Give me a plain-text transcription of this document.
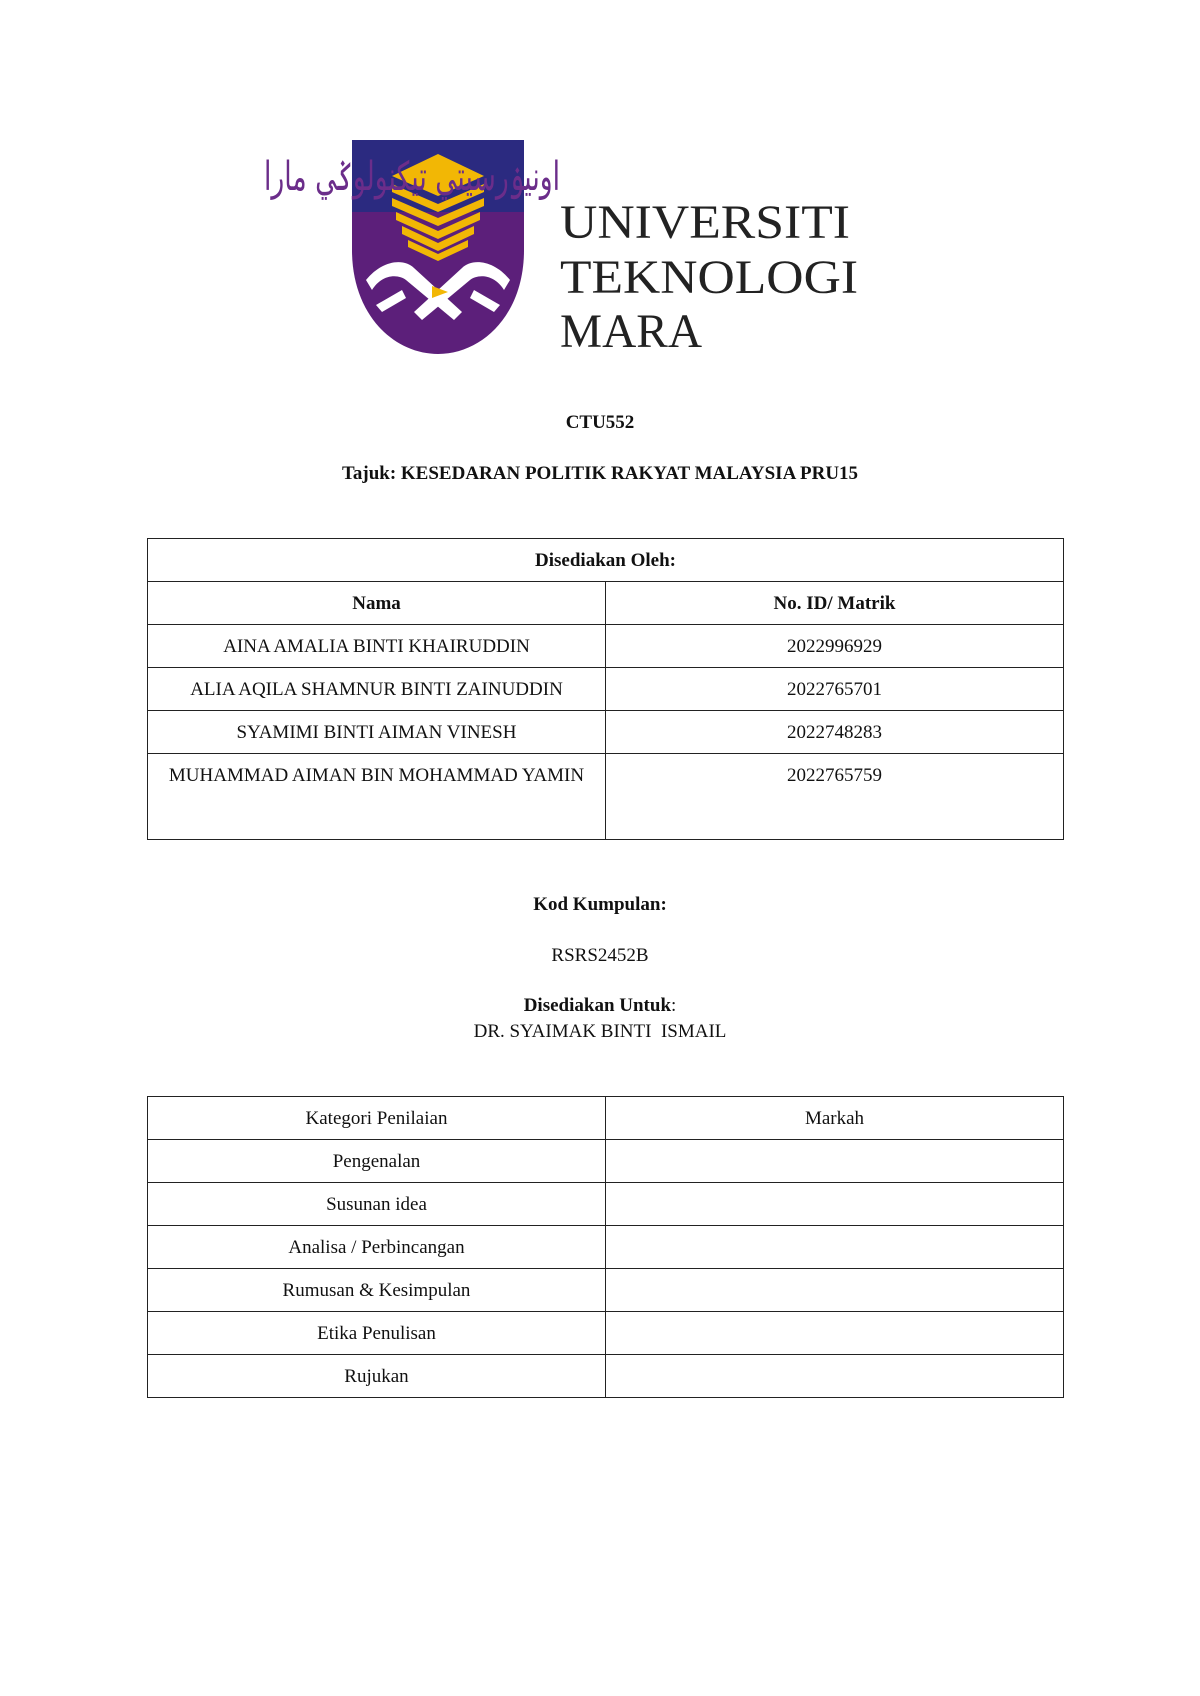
اونيۏرسيتي تيکنولوݢي مارا
UNIVERSITI
TEKNOLOGI
MARA
CTU552
Tajuk: KESEDARAN POLITIK RAKYAT MALAYSIA PRU15
Disediakan Oleh:	
Nama	No. ID/ Matrik
AINA AMALIA BINTI KHAIRUDDIN	2022996929
ALIA AQILA SHAMNUR BINTI ZAINUDDIN	2022765701
SYAMIMI BINTI AIMAN VINESH	2022748283
MUHAMMAD AIMAN BIN MOHAMMAD YAMIN	2022765759
Kod Kumpulan:
RSRS2452B
Disediakan Untuk:
DR. SYAIMAK BINTI  ISMAIL
Kategori Penilaian	Markah
Pengenalan	
Susunan idea	
Analisa / Perbincangan	
Rumusan & Kesimpulan	
Etika Penulisan	
Rujukan	
